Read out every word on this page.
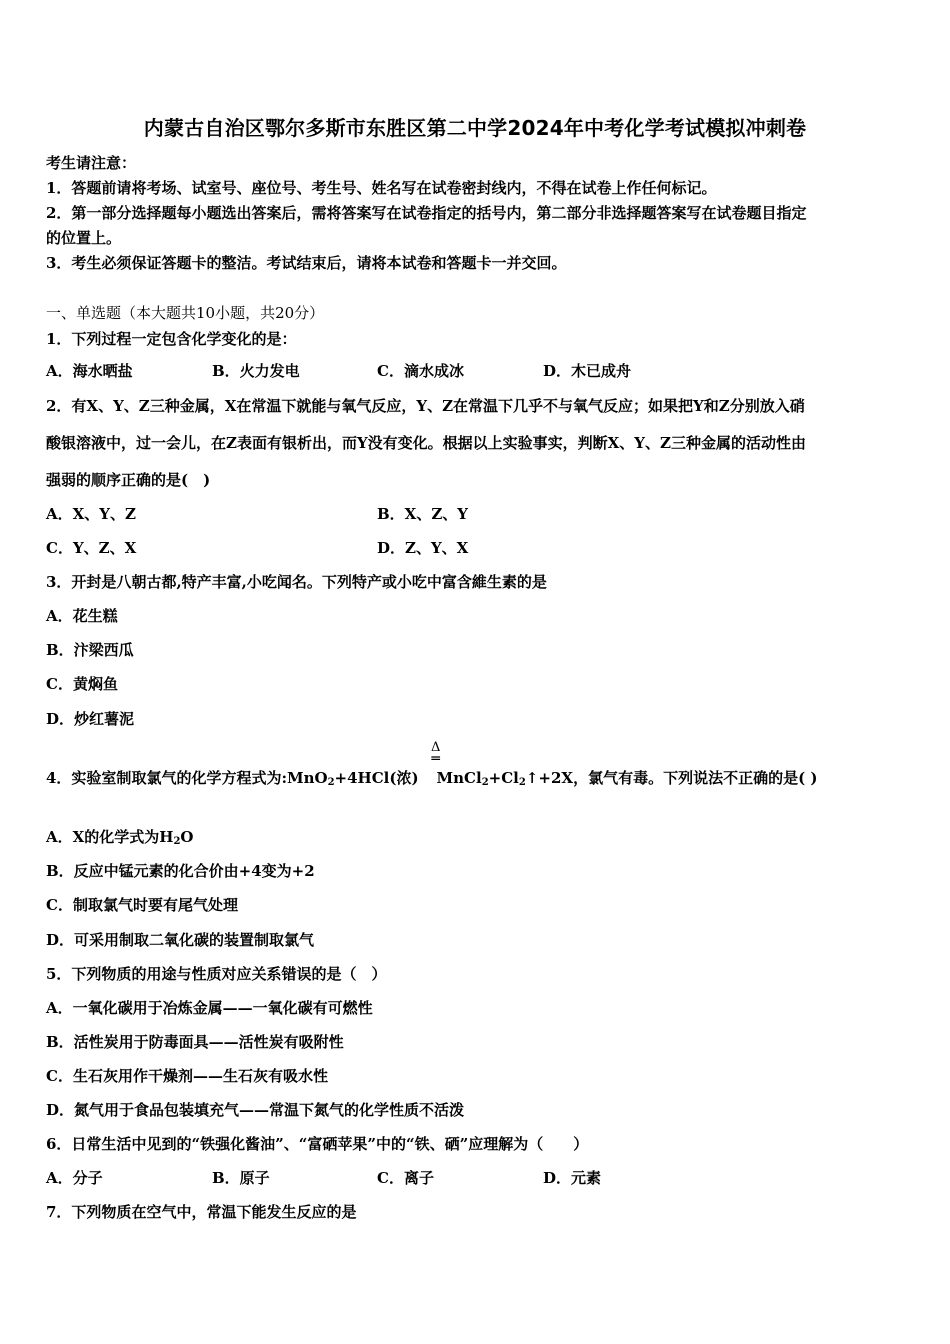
内蒙古自治区鄂尔多斯市东胜区第二中学2024年中考化学考试模拟冲刺卷
考生请注意：
1．答题前请将考场、试室号、座位号、考生号、姓名写在试卷密封线内，不得在试卷上作任何标记。
2．第一部分选择题每小题选出答案后，需将答案写在试卷指定的括号内，第二部分非选择题答案写在试卷题目指定
的位置上。
3．考生必须保证答题卡的整洁。考试结束后，请将本试卷和答题卡一并交回。
一、单选题（本大题共10小题，共20分）
1．下列过程一定包含化学变化的是：
A．海水晒盐	B．火力发电	C．滴水成冰	D．木已成舟
2．有X、Y、Z三种金属，X在常温下就能与氧气反应，Y、Z在常温下几乎不与氧气反应；如果把Y和Z分别放入硝
酸银溶液中，过一会儿，在Z表面有银析出，而Y没有变化。根据以上实验事实，判断X、Y、Z三种金属的活动性由
强弱的顺序正确的是(　)
A．X、Y、Z	B．X、Z、Y
C．Y、Z、X	D．Z、Y、X
3．开封是八朝古都,特产丰富,小吃闻名。下列特产或小吃中富含維生素的是
A．花生糕
B．汴梁西瓜
C．黄焖鱼
D．炒红薯泥
Δ
═
4．实验室制取氯气的化学方程式为:MnO$_2$+4HCl(浓) $MnCl_2+Cl_2↑+2X$，氯气有毒。下列说法不正确的是( )
A．X的化学式为$H_2O$
B．反应中锰元素的化合价由+4变为+2
C．制取氯气时要有尾气处理
D．可采用制取二氧化碳的装置制取氯气
5．下列物质的用途与性质对应关系错误的是（　）
A．一氧化碳用于冶炼金属——一氧化碳有可燃性
B．活性炭用于防毒面具——活性炭有吸附性
C．生石灰用作干燥剂——生石灰有吸水性
D．氮气用于食品包装填充气——常温下氮气的化学性质不活泼
6．日常生活中见到的“铁强化酱油”、“富硒苹果”中的“铁、硒”应理解为（　　）
A．分子	B．原子	C．离子	D．元素
7．下列物质在空气中，常温下能发生反应的是
